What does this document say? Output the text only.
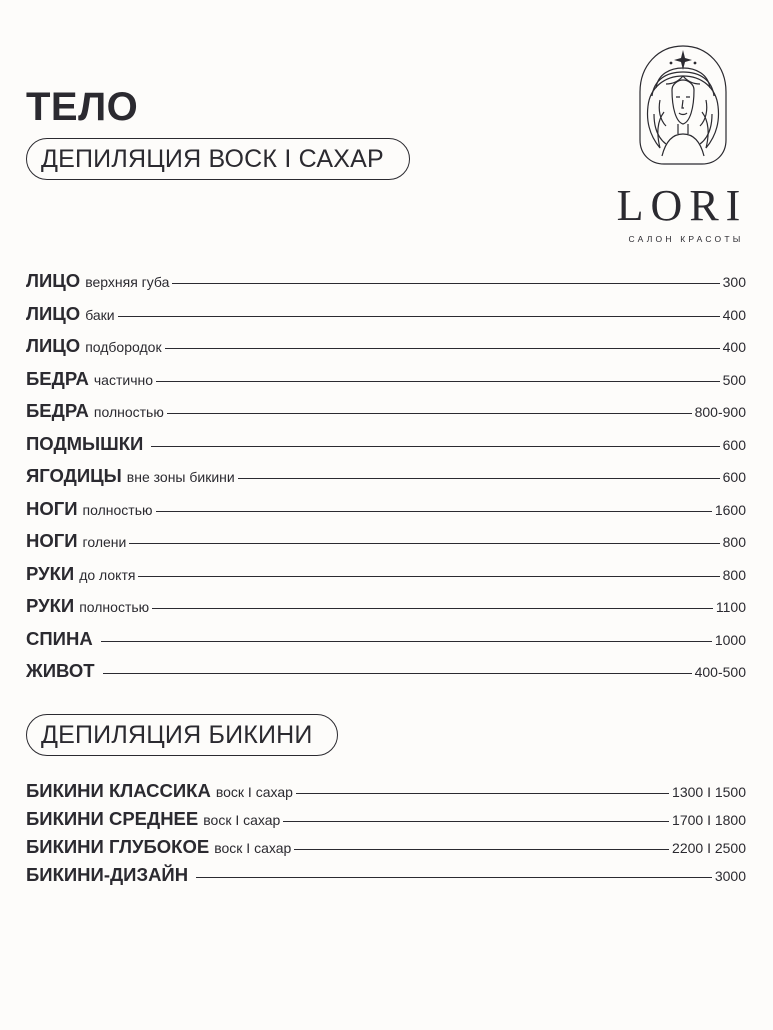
ТЕЛО
ДЕПИЛЯЦИЯ ВОСК I САХАР
LORI
САЛОН КРАСОТЫ
ЛИЦО верхняя губа	300
ЛИЦО баки	400
ЛИЦО подбородок	400
БЕДРА частично	500
БЕДРА полностью	800-900
ПОДМЫШКИ	600
ЯГОДИЦЫ вне зоны бикини	600
НОГИ полностью	1600
НОГИ голени	800
РУКИ до локтя	800
РУКИ полностью	1100
СПИНА	1000
ЖИВОТ	400-500
ДЕПИЛЯЦИЯ БИКИНИ
БИКИНИ КЛАССИКА воск I сахар	1300 I 1500
БИКИНИ СРЕДНЕЕ воск I сахар	1700 I 1800
БИКИНИ ГЛУБОКОЕ воск I сахар	2200 I 2500
БИКИНИ-ДИЗАЙН	3000
